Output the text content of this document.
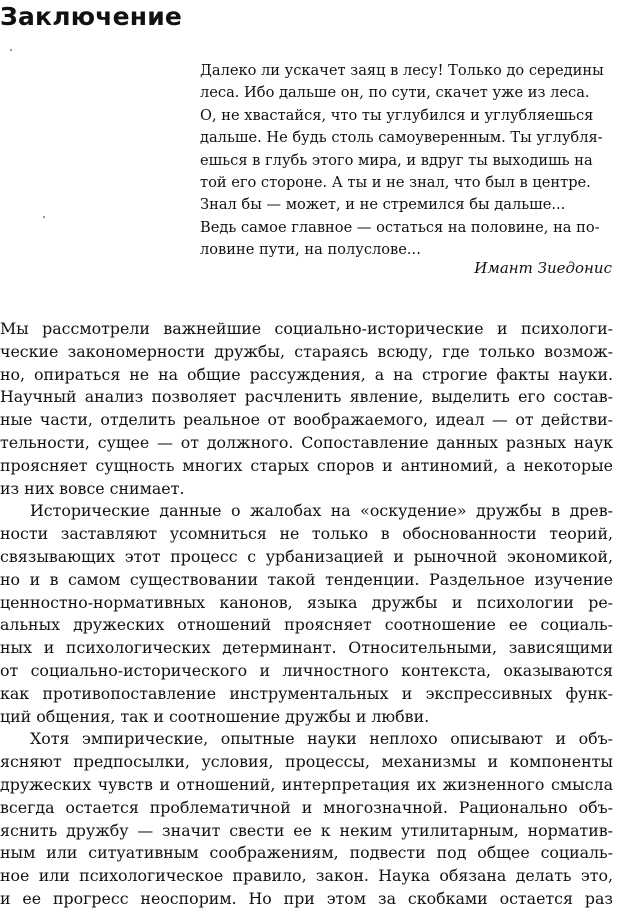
Заключение
Далеко ли ускачет заяц в лесу! Только до середины
леса. Ибо дальше он, по сути, скачет уже из леса.
О, не хвастайся, что ты углубился и углубляешься
дальше. Не будь столь самоуверенным. Ты углубля-
ешься в глубь этого мира, и вдруг ты выходишь на
той его стороне. А ты и не знал, что был в центре.
Знал бы — может, и не стремился бы дальше...
Ведь самое главное — остаться на половине, на по-
ловине пути, на полуслове...
Имант Зиедонис
Мы рассмотрели важнейшие социально-исторические и психологи-
ческие закономерности дружбы, стараясь всюду, где только возмож-
но, опираться не на общие рассуждения, а на строгие факты науки.
Научный анализ позволяет расчленить явление, выделить его состав-
ные части, отделить реальное от воображаемого, идеал — от действи-
тельности, сущее — от должного. Сопоставление данных разных наук
проясняет сущность многих старых споров и антиномий, а некоторые
из них вовсе снимает.
Исторические данные о жалобах на «оскудение» дружбы в древ-
ности заставляют усомниться не только в обоснованности теорий,
связывающих этот процесс с урбанизацией и рыночной экономикой,
но и в самом существовании такой тенденции. Раздельное изучение
ценностно-нормативных канонов, языка дружбы и психологии ре-
альных дружеских отношений проясняет соотношение ее социаль-
ных и психологических детерминант. Относительными, зависящими
от социально-исторического и личностного контекста, оказываются
как противопоставление инструментальных и экспрессивных функ-
ций общения, так и соотношение дружбы и любви.
Хотя эмпирические, опытные науки неплохо описывают и объ-
ясняют предпосылки, условия, процессы, механизмы и компоненты
дружеских чувств и отношений, интерпретация их жизненного смысла
всегда остается проблематичной и многозначной. Рационально объ-
яснить дружбу — значит свести ее к неким утилитарным, норматив-
ным или ситуативным соображениям, подвести под общее социаль-
ное или психологическое правило, закон. Наука обязана делать это,
и ее прогресс неоспорим. Но при этом за скобками остается раз
